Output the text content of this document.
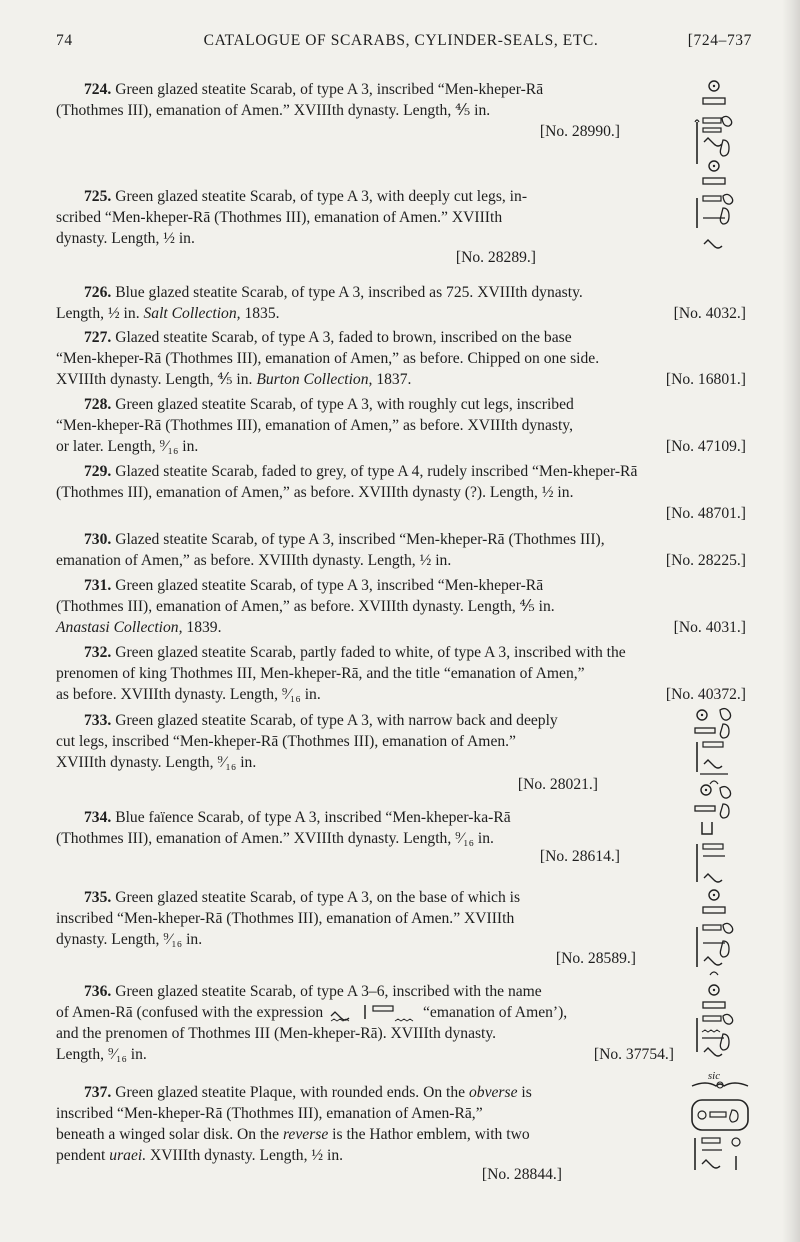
74	CATALOGUE OF SCARABS, CYLINDER-SEALS, ETC.	[724–737

724. Green glazed steatite Scarab, of type A 3, inscribed “Men-kheper-Rā
(Thothmes III), emanation of Amen.” XVIIIth dynasty. Length, ⅘ in.

[No. 28990.]

725. Green glazed steatite Scarab, of type A 3, with deeply cut legs, in-
scribed “Men-kheper-Rā (Thothmes III), emanation of Amen.” XVIIIth
dynasty. Length, ½ in.

[No. 28289.]

726. Blue glazed steatite Scarab, of type A 3, inscribed as 725. XVIIIth dynasty.
Length, ½ in. Salt Collection, 1835.	[No. 4032.]

727. Glazed steatite Scarab, of type A 3, faded to brown, inscribed on the base
“Men-kheper-Rā (Thothmes III), emanation of Amen,” as before. Chipped on one side.
XVIIIth dynasty. Length, ⅘ in. Burton Collection, 1837.	[No. 16801.]

728. Green glazed steatite Scarab, of type A 3, with roughly cut legs, inscribed
“Men-kheper-Rā (Thothmes III), emanation of Amen,” as before. XVIIIth dynasty,
or later. Length, ⁹⁄₁₆ in.	[No. 47109.]

729. Glazed steatite Scarab, faded to grey, of type A 4, rudely inscribed “Men-kheper-Rā
(Thothmes III), emanation of Amen,” as before. XVIIIth dynasty (?). Length, ½ in.

[No. 48701.]

730. Glazed steatite Scarab, of type A 3, inscribed “Men-kheper-Rā (Thothmes III),
emanation of Amen,” as before. XVIIIth dynasty. Length, ½ in.	[No. 28225.]

731. Green glazed steatite Scarab, of type A 3, inscribed “Men-kheper-Rā
(Thothmes III), emanation of Amen,” as before. XVIIIth dynasty. Length, ⅘ in.
Anastasi Collection, 1839.	[No. 4031.]

732. Green glazed steatite Scarab, partly faded to white, of type A 3, inscribed with the
prenomen of king Thothmes III, Men-kheper-Rā, and the title “emanation of Amen,”
as before. XVIIIth dynasty. Length, ⁹⁄₁₆ in.	[No. 40372.]

733. Green glazed steatite Scarab, of type A 3, with narrow back and deeply
cut legs, inscribed “Men-kheper-Rā (Thothmes III), emanation of Amen.”
XVIIIth dynasty. Length, ⁹⁄₁₆ in.

[No. 28021.]

734. Blue faïence Scarab, of type A 3, inscribed “Men-kheper-ka-Rā
(Thothmes III), emanation of Amen.” XVIIIth dynasty. Length, ⁹⁄₁₆ in.

[No. 28614.]

735. Green glazed steatite Scarab, of type A 3, on the base of which is
inscribed “Men-kheper-Rā (Thothmes III), emanation of Amen.” XVIIIth
dynasty. Length, ⁹⁄₁₆ in.

[No. 28589.]

736. Green glazed steatite Scarab, of type A 3–6, inscribed with the name
of Amen-Rā (confused with the expression	“emanation of Amen’),
and the prenomen of Thothmes III (Men-kheper-Rā). XVIIIth dynasty.
Length, ⁹⁄₁₆ in.	[No. 37754.]

sic

737. Green glazed steatite Plaque, with rounded ends. On the obverse is
inscribed “Men-kheper-Rā (Thothmes III), emanation of Amen-Rā,”
beneath a winged solar disk. On the reverse is the Hathor emblem, with two
pendent uraei. XVIIIth dynasty. Length, ½ in.

[No. 28844.]
